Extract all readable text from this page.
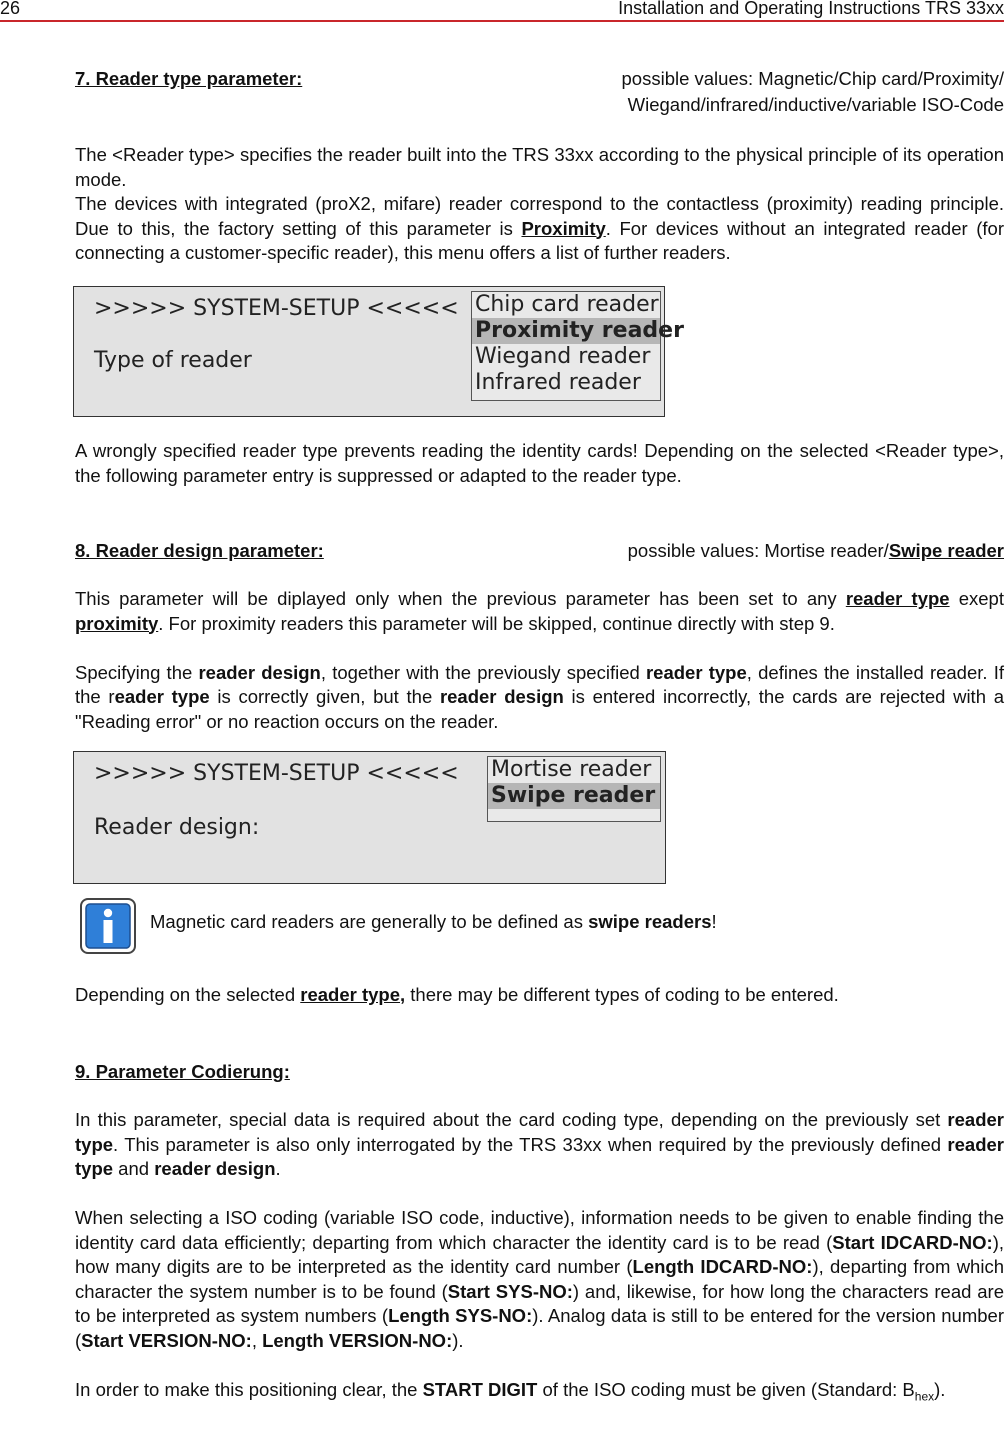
26	Installation and Operating Instructions TRS 33xx
7. Reader type parameter:	possible values: Magnetic/Chip card/Proximity/
Wiegand/infrared/inductive/variable ISO-Code

The <Reader type> specifies the reader built into the TRS 33xx according to the physical principle of its operation mode.

The devices with integrated (proX2, mifare) reader correspond to the contactless (proximity) reading principle. Due to this, the factory setting of this parameter is Proximity. For devices without an integrated reader (for connecting a customer-specific reader), this menu offers a list of further readers.

>>>>> SYSTEM-SETUP <<<<<
Type of reader
Chip card reader
Proximity reader
Wiegand reader
Infrared reader

A wrongly specified reader type prevents reading the identity cards! Depending on the selected <Reader type>, the following parameter entry is suppressed or adapted to the reader type.

8. Reader design parameter:	possible values: Mortise reader/Swipe reader

This parameter will be diplayed only when the previous parameter has been set to any reader type exept proximity. For proximity readers this parameter will be skipped, continue directly with step 9.

Specifying the reader design, together with the previously specified reader type, defines the installed reader. If the reader type is correctly given, but the reader design is entered incorrectly, the cards are rejected with a "Reading error" or no reaction occurs on the reader.

>>>>> SYSTEM-SETUP <<<<<
Reader design:
Mortise reader
Swipe reader
Magnetic card readers are generally to be defined as swipe readers!

Depending on the selected reader type, there may be different types of coding to be entered.

9. Parameter Codierung:

In this parameter, special data is required about the card coding type, depending on the previously set reader type. This parameter is also only interrogated by the TRS 33xx when required by the previously defined reader type and reader design.

When selecting a ISO coding (variable ISO code, inductive), information needs to be given to enable finding the identity card data efficiently; departing from which character the identity card is to be read (Start IDCARD-NO:), how many digits are to be interpreted as the identity card number (Length IDCARD-NO:), departing from which character the system number is to be found (Start SYS-NO:) and, likewise, for how long the characters read are to be interpreted as system numbers (Length SYS-NO:). Analog data is still to be entered for the version number (Start VERSION-NO:, Length VERSION-NO:).

In order to make this positioning clear, the START DIGIT of the ISO coding must be given (Standard: $B_{hex}$).
